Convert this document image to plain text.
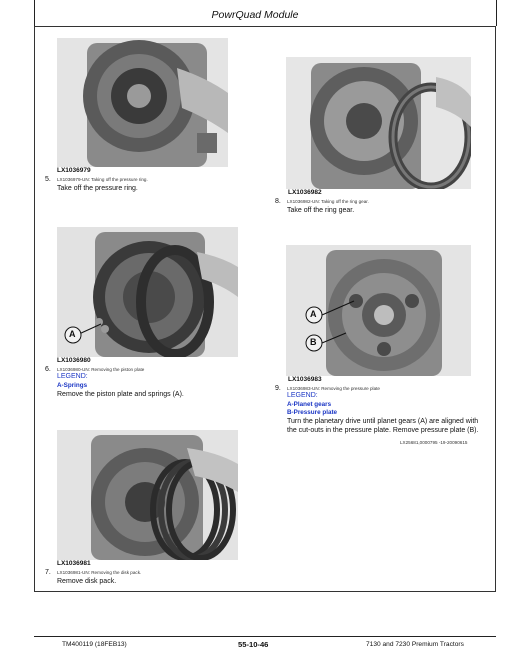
PowrQuad Module
LX1036979
5. LX1036979-UN: Taking off the pressure ring.
Take off the pressure ring.
LX1036982
8. LX1036982-UN: Taking off the ring gear.
Take off the ring gear.
A
LX1036980
6. LX1036980-UN: Removing the piston plate
LEGEND:
A-Springs
Remove the piston plate and springs (A).
A
B
LX1036983
9. LX1036983-UN: Removing the pressure plate
LEGEND:
A-Planet gears
B-Pressure plate
Turn the planetary drive until planet gears (A) are aligned with
the cut-outs in the pressure plate. Remove pressure plate (B).
LX25681,0000795 -19-20090615
LX1036981
7. LX1036981-UN: Removing the disk pack.
Remove disk pack.
TM400119 (18FEB13)	55-10-46	7130 and 7230 Premium Tractors
